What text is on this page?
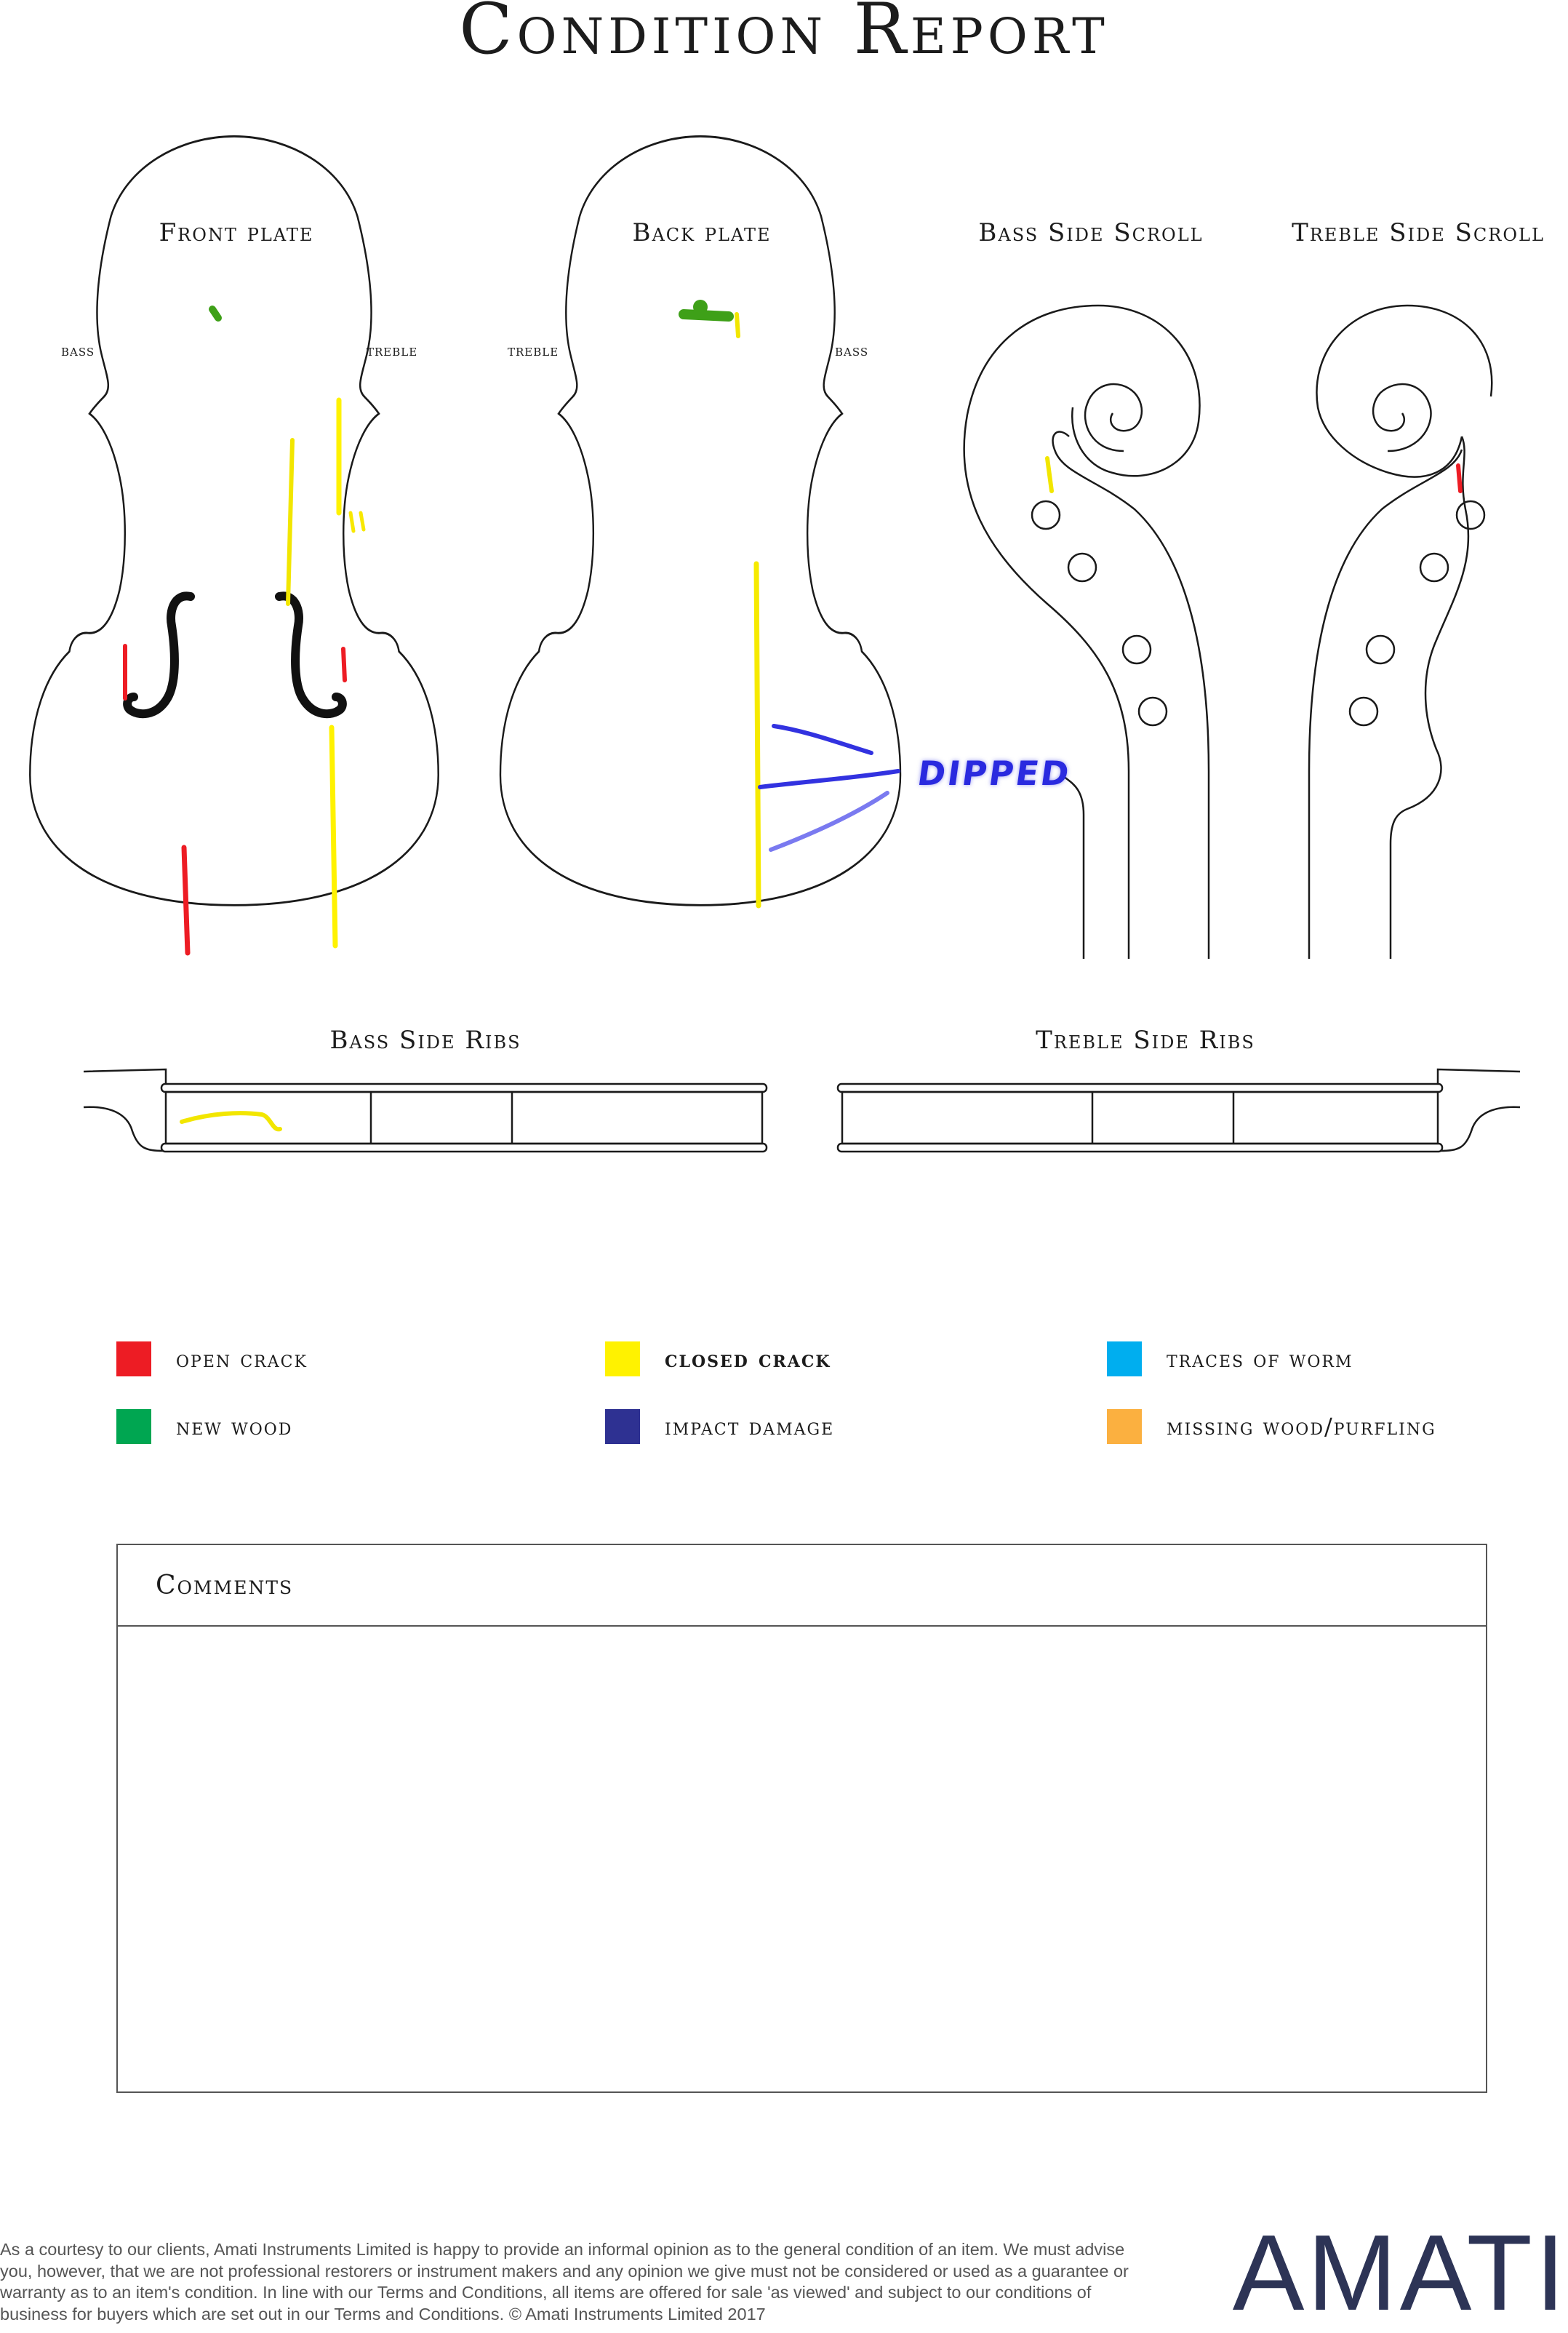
Condition Report
Front plate	Back plate	Bass Side Scroll	Treble Side Scroll
bass	treble	treble	bass
DIPPED
Bass Side Ribs	Treble Side Ribs
open crack	closed crack	traces of worm
new wood	impact damage	missing wood/purfling
Comments
As a courtesy to our clients, Amati Instruments Limited is happy to provide an informal opinion as to the general condition of an item. We must advise you, however, that we are not professional restorers or instrument makers and any opinion we give must not be considered or used as a guarantee or warranty as to an item's condition. In line with our Terms and Conditions, all items are offered for sale 'as viewed' and subject to our conditions of business for buyers which are set out in our Terms and Conditions. © Amati Instruments Limited 2017	AMATI
